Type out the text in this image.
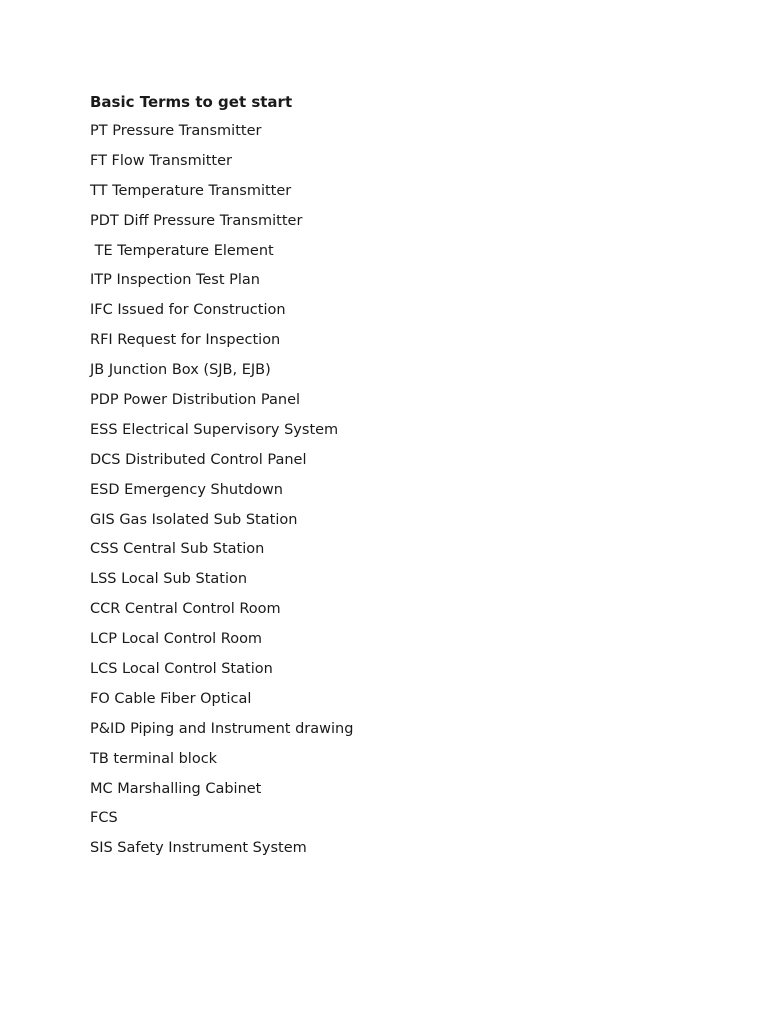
Basic Terms to get start
PT Pressure Transmitter
FT Flow Transmitter
TT Temperature Transmitter
PDT Diff Pressure Transmitter
TE Temperature Element
ITP Inspection Test Plan
IFC Issued for Construction
RFI Request for Inspection
JB Junction Box (SJB, EJB)
PDP Power Distribution Panel
ESS Electrical Supervisory System
DCS Distributed Control Panel
ESD Emergency Shutdown
GIS Gas Isolated Sub Station
CSS Central Sub Station
LSS Local Sub Station
CCR Central Control Room
LCP Local Control Room
LCS Local Control Station
FO Cable Fiber Optical
P&ID Piping and Instrument drawing
TB terminal block
MC Marshalling Cabinet
FCS
SIS Safety Instrument System
